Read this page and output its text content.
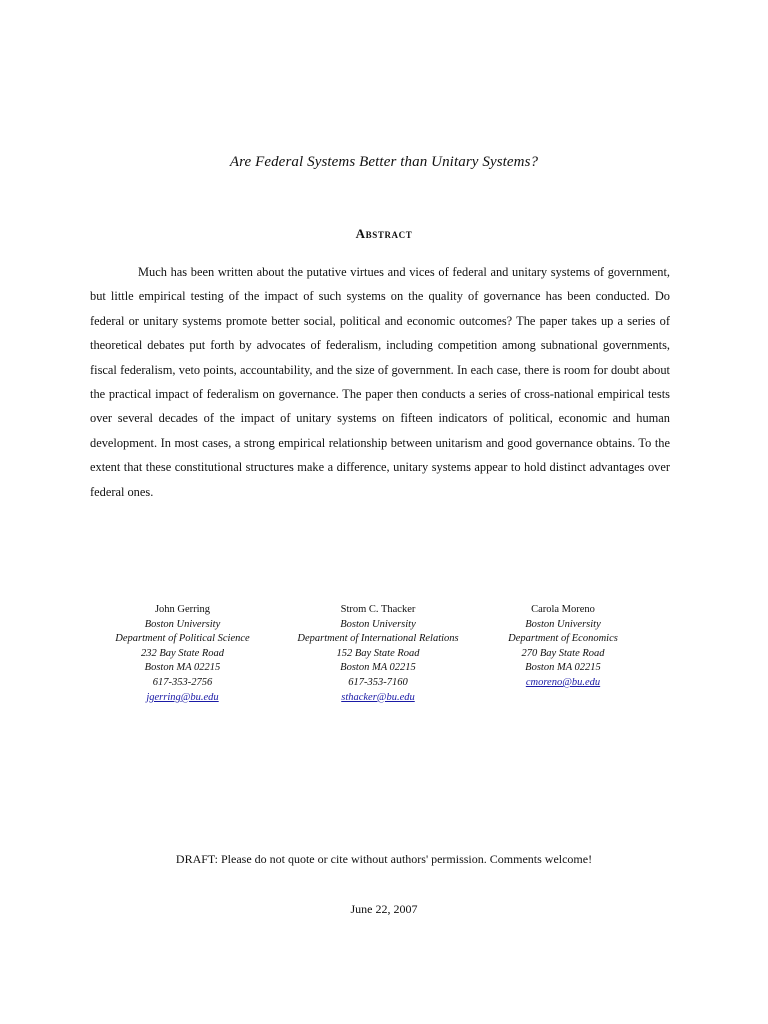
Are Federal Systems Better than Unitary Systems?
Abstract
Much has been written about the putative virtues and vices of federal and unitary systems of government, but little empirical testing of the impact of such systems on the quality of governance has been conducted. Do federal or unitary systems promote better social, political and economic outcomes? The paper takes up a series of theoretical debates put forth by advocates of federalism, including competition among subnational governments, fiscal federalism, veto points, accountability, and the size of government. In each case, there is room for doubt about the practical impact of federalism on governance. The paper then conducts a series of cross-national empirical tests over several decades of the impact of unitary systems on fifteen indicators of political, economic and human development. In most cases, a strong empirical relationship between unitarism and good governance obtains. To the extent that these constitutional structures make a difference, unitary systems appear to hold distinct advantages over federal ones.
John Gerring
Boston University
Department of Political Science
232 Bay State Road
Boston MA 02215
617-353-2756
jgerring@bu.edu
Strom C. Thacker
Boston University
Department of International Relations
152 Bay State Road
Boston MA 02215
617-353-7160
sthacker@bu.edu
Carola Moreno
Boston University
Department of Economics
270 Bay State Road
Boston MA 02215
cmoreno@bu.edu
DRAFT: Please do not quote or cite without authors' permission. Comments welcome!
June 22, 2007
